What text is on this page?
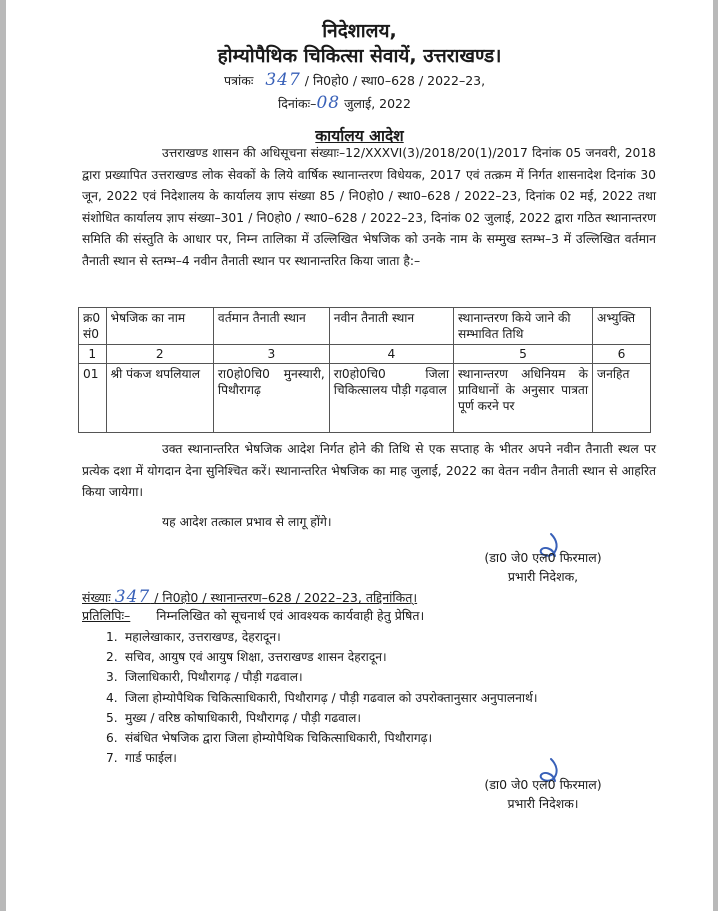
निदेशालय,
होम्योपैथिक चिकित्सा सेवायें, उत्तराखण्ड।
पत्रांकः 347 / नि0हो0 / स्था0–628 / 2022–23,
दिनांकः–08 जुलाई, 2022
कार्यालय आदेश

उत्तराखण्ड शासन की अधिसूचना संख्याः–12/XXXVI(3)/2018/20(1)/2017 दिनांक 05 जनवरी, 2018 द्वारा प्रख्यापित उत्तराखण्ड लोक सेवकों के लिये वार्षिक स्थानान्तरण विधेयक, 2017 एवं तत्क्रम में निर्गत शासनादेश दिनांक 30 जून, 2022 एवं निदेशालय के कार्यालय ज्ञाप संख्या 85 / नि0हो0 / स्था0–628 / 2022–23, दिनांक 02 मई, 2022 तथा संशोधित कार्यालय ज्ञाप संख्या–301 / नि0हो0 / स्था0–628 / 2022–23, दिनांक 02 जुलाई, 2022 द्वारा गठित स्थानान्तरण समिति की संस्तुति के आधार पर, निम्न तालिका में उल्लिखित भेषजिक को उनके नाम के सम्मुख स्तम्भ–3 में उल्लिखित वर्तमान तैनाती स्थान से स्तम्भ–4 नवीन तैनाती स्थान पर स्थानान्तरित किया जाता है:–

क्र0 सं0	भेषजिक का नाम	वर्तमान तैनाती स्थान	नवीन तैनाती स्थान	स्थानान्तरण किये जाने की सम्भावित तिथि	अभ्युक्ति
1	2	3	4	5	6
01	श्री पंकज थपलियाल	रा0हो0चि0 मुनस्यारी, पिथौरागढ़	रा0हो0चि0 जिला चिकित्सालय पौड़ी गढ़वाल	स्थानान्तरण अधिनियम के प्राविधानों के अनुसार पात्रता पूर्ण करने पर	जनहित

उक्त स्थानान्तरित भेषजिक आदेश निर्गत होने की तिथि से एक सप्ताह के भीतर अपने नवीन तैनाती स्थल पर प्रत्येक दशा में योगदान देना सुनिश्चित करें। स्थानान्तरित भेषजिक का माह जुलाई, 2022 का वेतन नवीन तैनाती स्थान से आहरित किया जायेगा।

यह आदेश तत्काल प्रभाव से लागू होंगे।

(डा0 जे0 एल0 फिरमाल)
प्रभारी निदेशक,
संख्याः 347 / नि0हो0 / स्थानान्तरण–628 / 2022–23, तद्दिनांकित्।
प्रतिलिपिः– निम्नलिखित को सूचनार्थ एवं आवश्यक कार्यवाही हेतु प्रेषित।
1. महालेखाकार, उत्तराखण्ड, देहरादून।
2. सचिव, आयुष एवं आयुष शिक्षा, उत्तराखण्ड शासन देहरादून।
3. जिलाधिकारी, पिथौरागढ़ / पौड़ी गढवाल।
4. जिला होम्योपैथिक चिकित्साधिकारी, पिथौरागढ़ / पौड़ी गढवाल को उपरोक्तानुसार अनुपालनार्थ।
5. मुख्य / वरिष्ठ कोषाधिकारी, पिथौरागढ़ / पौड़ी गढवाल।
6. संबंधित भेषजिक द्वारा जिला होम्योपैथिक चिकित्साधिकारी, पिथौरागढ़।
7. गार्ड फाईल।
(डा0 जे0 एल0 फिरमाल)
प्रभारी निदेशक।
